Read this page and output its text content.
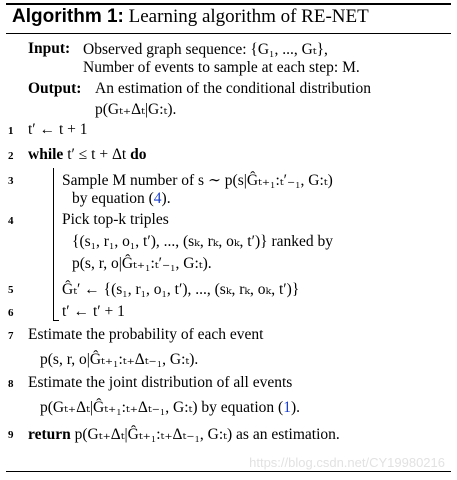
Algorithm 1: Learning algorithm of RE-NET
Input: Observed graph sequence: {G₁, ..., Gₜ},
Number of events to sample at each step: M.
Output: An estimation of the conditional distribution
p(Gₜ₊Δₜ|G:ₜ).
1 t′ ← t + 1
2 while t′ ≤ t + Δt do
3	Sample M number of s ∼ p(s|Ĝₜ₊₁:ₜ′₋₁, G:ₜ)
by equation (4).
4	Pick top-k triples
{(s₁, r₁, o₁, t′), ..., (sₖ, rₖ, oₖ, t′)} ranked by
p(s, r, o|Ĝₜ₊₁:ₜ′₋₁, G:ₜ).
5	Ĝₜ′ ← {(s₁, r₁, o₁, t′), ..., (sₖ, rₖ, oₖ, t′)}
6	t′ ← t′ + 1
7 Estimate the probability of each event
p(s, r, o|Ĝₜ₊₁:ₜ₊Δₜ₋₁, G:ₜ).
8 Estimate the joint distribution of all events
p(Gₜ₊Δₜ|Ĝₜ₊₁:ₜ₊Δₜ₋₁, G:ₜ) by equation (1).
9 return p(Gₜ₊Δₜ|Ĝₜ₊₁:ₜ₊Δₜ₋₁, G:ₜ) as an estimation.
https://blog.csdn.net/CY19980216
